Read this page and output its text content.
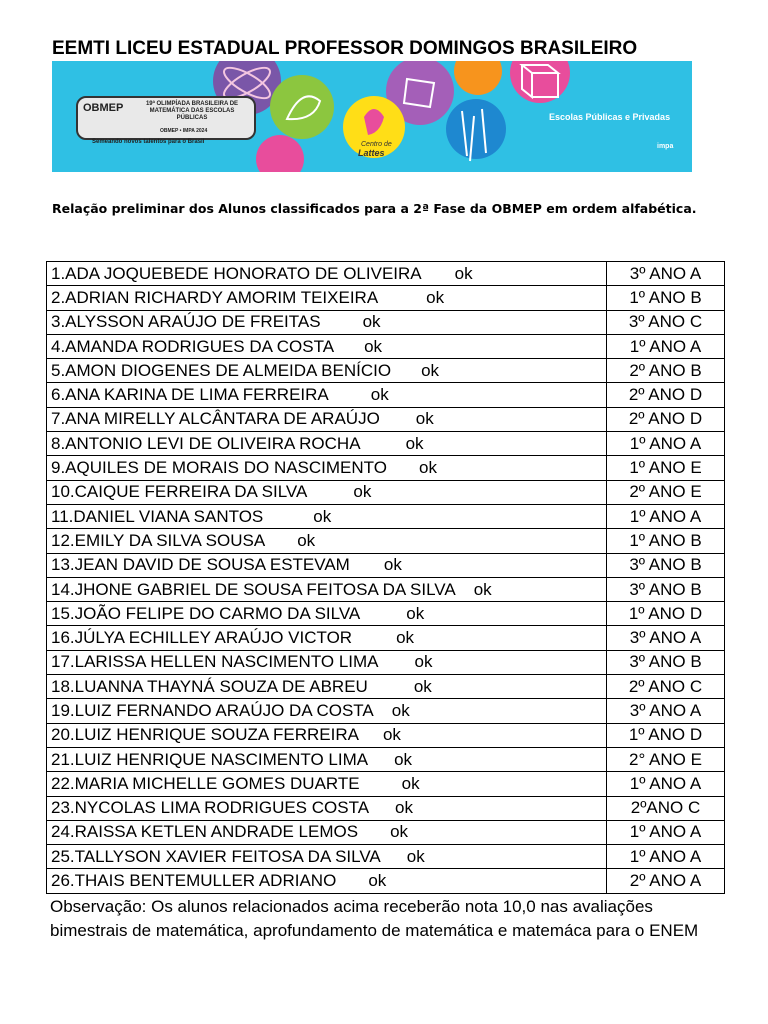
EEMTI LICEU ESTADUAL PROFESSOR DOMINGOS BRASILEIRO
OBMEP	19ª OLIMPÍADA BRASILEIRA DE MATEMÁTICA DAS ESCOLAS PÚBLICAS
OBMEP • IMPA 2024
Semeando novos talentos para o Brasil	Centro de
Lattes
Escolas Públicas e Privadas
impa
Relação preliminar dos Alunos classificados para a 2ª Fase da OBMEP em ordem alfabética.
1.ADA JOQUEBEDE HONORATO DE OLIVEIRA ok	3º ANO A
2.ADRIAN RICHARDY AMORIM TEIXEIRA ok	1º ANO B
3.ALYSSON ARAÚJO DE FREITAS ok	3º ANO C
4.AMANDA RODRIGUES DA COSTA ok	1º ANO A
5.AMON DIOGENES DE ALMEIDA BENÍCIO ok	2º ANO B
6.ANA KARINA DE LIMA FERREIRA ok	2º ANO D
7.ANA MIRELLY ALCÂNTARA DE ARAÚJO ok	2º ANO D
8.ANTONIO LEVI DE OLIVEIRA ROCHA ok	1º ANO A
9.AQUILES DE MORAIS DO NASCIMENTO ok	1º ANO E
10.CAIQUE FERREIRA DA SILVA ok	2º ANO E
11.DANIEL VIANA SANTOS ok	1º ANO A
12.EMILY DA SILVA SOUSA ok	1º ANO B
13.JEAN DAVID DE SOUSA ESTEVAM ok	3º ANO B
14.JHONE GABRIEL DE SOUSA FEITOSA DA SILVA ok	3º ANO B
15.JOÃO FELIPE DO CARMO DA SILVA ok	1º ANO D
16.JÚLYA ECHILLEY ARAÚJO VICTOR ok	3º ANO A
17.LARISSA HELLEN NASCIMENTO LIMA ok	3º ANO B
18.LUANNA THAYNÁ SOUZA DE ABREU ok	2º ANO C
19.LUIZ FERNANDO ARAÚJO DA COSTA ok	3º ANO A
20.LUIZ HENRIQUE SOUZA FERREIRA ok	1º ANO D
21.LUIZ HENRIQUE NASCIMENTO LIMA ok	2° ANO E
22.MARIA MICHELLE GOMES DUARTE ok	1º ANO A
23.NYCOLAS LIMA RODRIGUES COSTA ok	2ºANO C
24.RAISSA KETLEN ANDRADE LEMOS ok	1º ANO A
25.TALLYSON XAVIER FEITOSA DA SILVA ok	1º ANO A
26.THAIS BENTEMULLER ADRIANO ok	2º ANO A
Observação: Os alunos relacionados acima receberão nota 10,0 nas avaliações bimestrais de matemática, aprofundamento de matemática e matemáca para o ENEM
